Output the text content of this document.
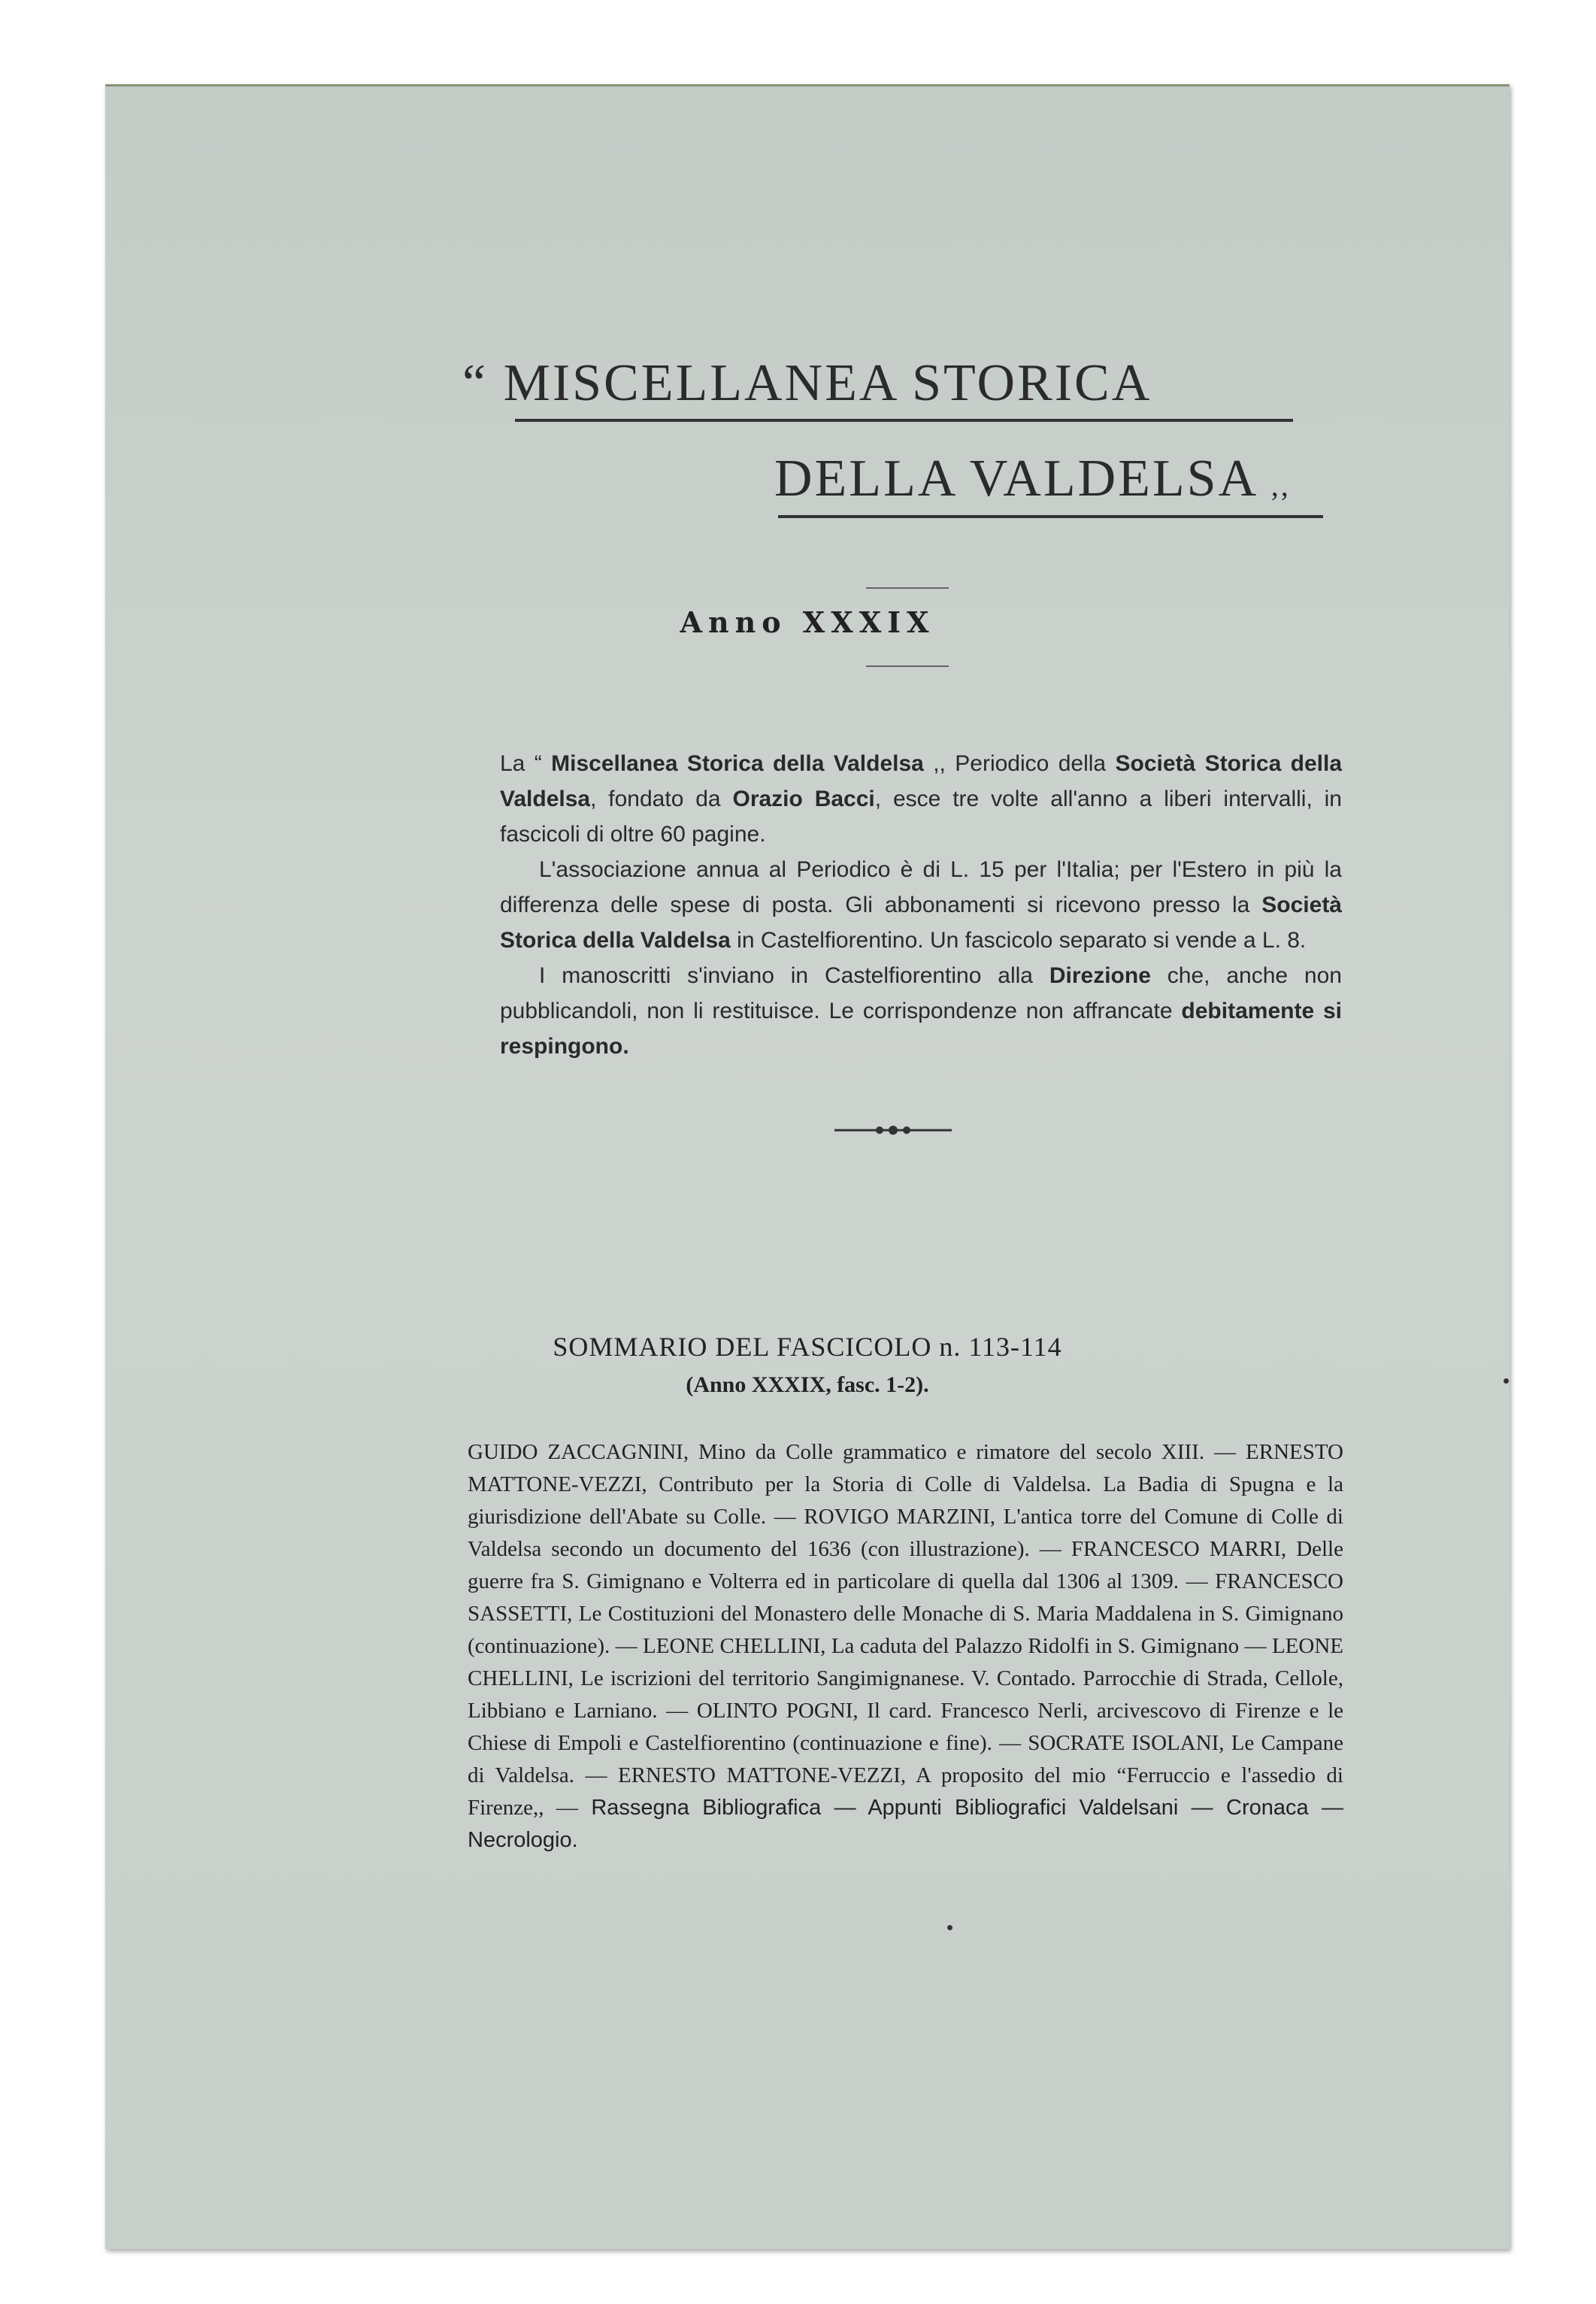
“ MISCELLANEA STORICA
DELLA VALDELSA ,,
Anno XXXIX

La “ Miscellanea Storica della Valdelsa ,, Periodico della Società Storica della Valdelsa, fondato da Orazio Bacci, esce tre volte all'anno a liberi intervalli, in fascicoli di oltre 60 pagine.

L'associazione annua al Periodico è di L. 15 per l'Italia; per l'Estero in più la differenza delle spese di posta. Gli abbonamenti si ricevono presso la Società Storica della Valdelsa in Castelfiorentino. Un fascicolo separato si vende a L. 8.

I manoscritti s'inviano in Castelfiorentino alla Direzione che, anche non pubblicandoli, non li restituisce. Le corrispondenze non affrancate debitamente si respingono.

SOMMARIO DEL FASCICOLO n. 113-114
(Anno XXXIX, fasc. 1-2).

GUIDO ZACCAGNINI, Mino da Colle grammatico e rimatore del secolo XIII. — ERNESTO MATTONE-VEZZI, Contributo per la Storia di Colle di Valdelsa. La Badia di Spugna e la giurisdizione dell'Abate su Colle. — ROVIGO MARZINI, L'antica torre del Comune di Colle di Valdelsa secondo un documento del 1636 (con illustrazione). — FRANCESCO MARRI, Delle guerre fra S. Gimignano e Volterra ed in particolare di quella dal 1306 al 1309. — FRANCESCO SASSETTI, Le Costituzioni del Monastero delle Monache di S. Maria Maddalena in S. Gimignano (continuazione). — LEONE CHELLINI, La caduta del Palazzo Ridolfi in S. Gimignano — LEONE CHELLINI, Le iscrizioni del territorio Sangimignanese. V. Contado. Parrocchie di Strada, Cellole, Libbiano e Larniano. — OLINTO POGNI, Il card. Francesco Nerli, arcivescovo di Firenze e le Chiese di Empoli e Castelfiorentino (continuazione e fine). — SOCRATE ISOLANI, Le Campane di Valdelsa. — ERNESTO MATTONE-VEZZI, A proposito del mio “Ferruccio e l'assedio di Firenze,, — Rassegna Bibliografica — Appunti Bibliografici Valdelsani — Cronaca — Necrologio.
